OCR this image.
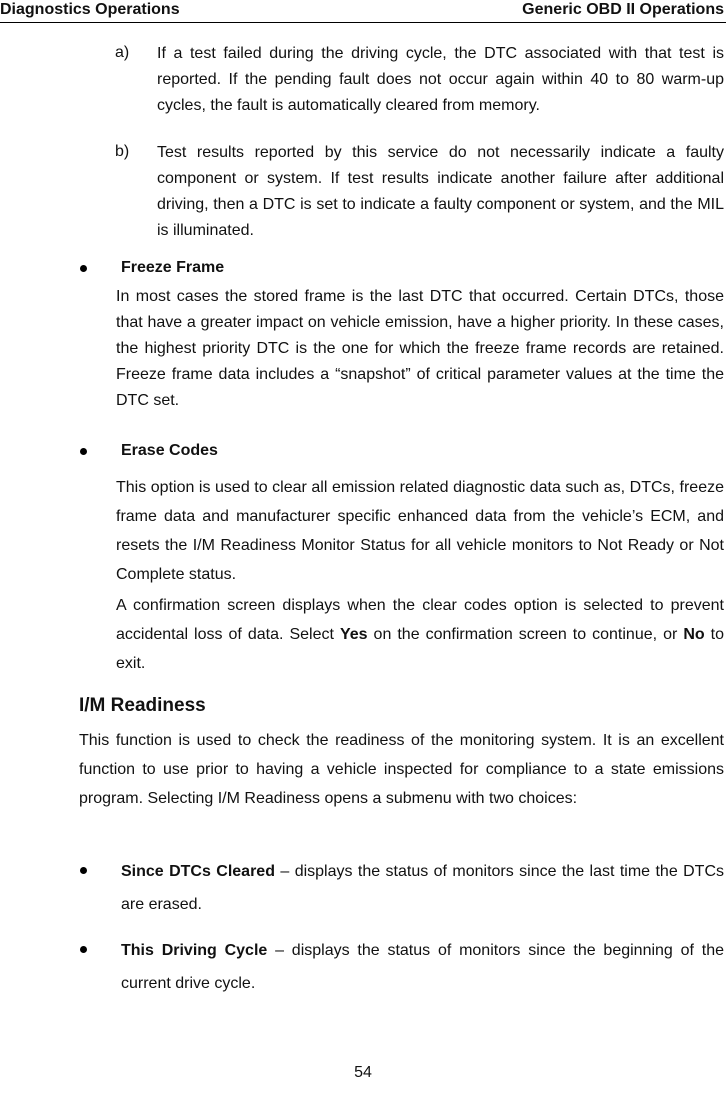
Diagnostics Operations	Generic OBD II Operations
a) If a test failed during the driving cycle, the DTC associated with that test is reported. If the pending fault does not occur again within 40 to 80 warm-up cycles, the fault is automatically cleared from memory.

b) Test results reported by this service do not necessarily indicate a faulty component or system. If test results indicate another failure after additional driving, then a DTC is set to indicate a faulty component or system, and the MIL is illuminated.

Freeze Frame

In most cases the stored frame is the last DTC that occurred. Certain DTCs, those that have a greater impact on vehicle emission, have a higher priority. In these cases, the highest priority DTC is the one for which the freeze frame records are retained. Freeze frame data includes a “snapshot” of critical parameter values at the time the DTC set.

Erase Codes

This option is used to clear all emission related diagnostic data such as, DTCs, freeze frame data and manufacturer specific enhanced data from the vehicle’s ECM, and resets the I/M Readiness Monitor Status for all vehicle monitors to Not Ready or Not Complete status.

A confirmation screen displays when the clear codes option is selected to prevent accidental loss of data. Select Yes on the confirmation screen to continue, or No to exit.

I/M Readiness

This function is used to check the readiness of the monitoring system. It is an excellent function to use prior to having a vehicle inspected for compliance to a state emissions program. Selecting I/M Readiness opens a submenu with two choices:

Since DTCs Cleared – displays the status of monitors since the last time the DTCs are erased.

This Driving Cycle – displays the status of monitors since the beginning of the current drive cycle.

54
